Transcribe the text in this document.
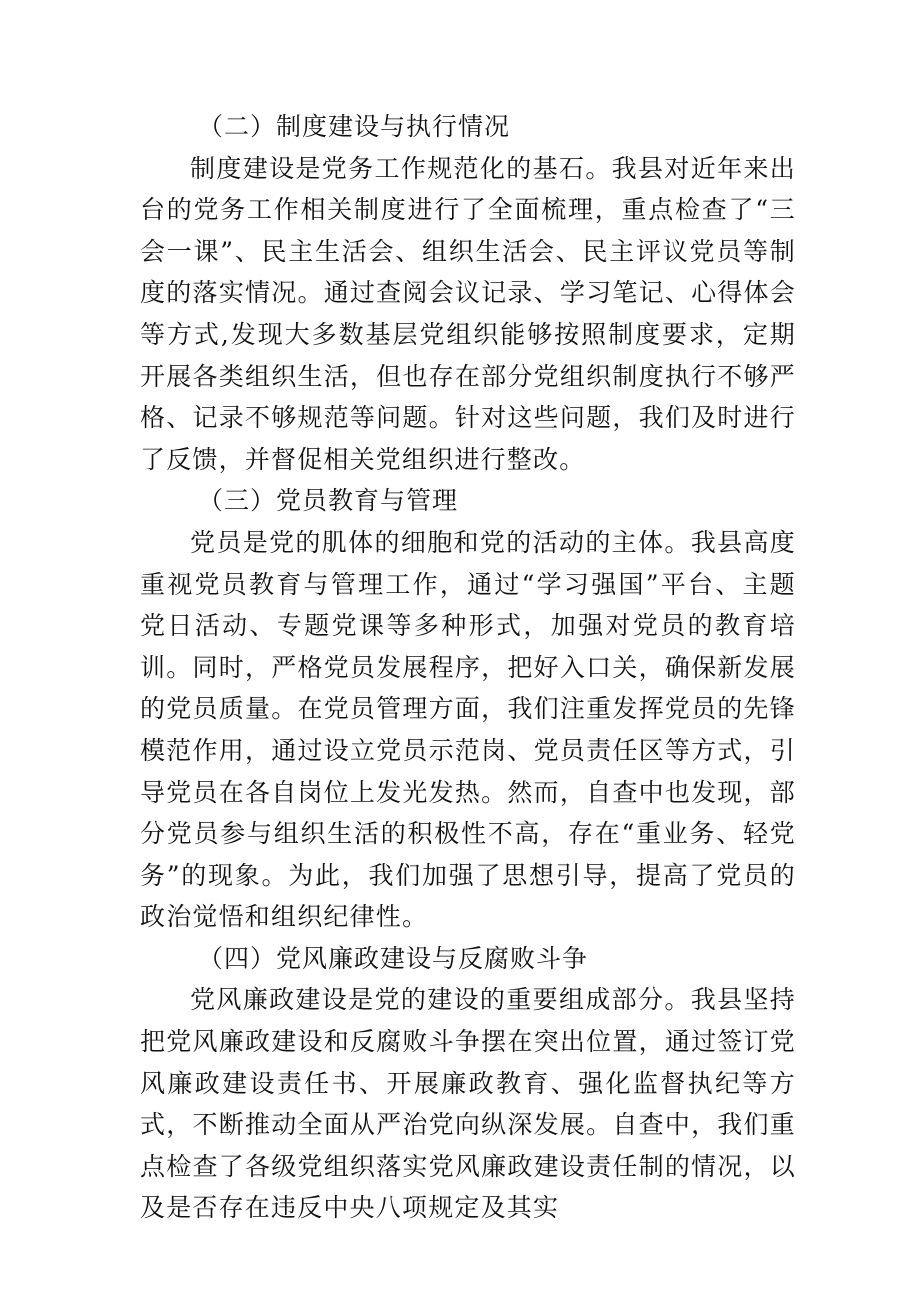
（二）制度建设与执行情况

制度建设是党务工作规范化的基石。我县对近年来出台的党务工作相关制度进行了全面梳理，重点检查了“三会一课”、民主生活会、组织生活会、民主评议党员等制度的落实情况。通过查阅会议记录、学习笔记、心得体会等方式,发现大多数基层党组织能够按照制度要求，定期开展各类组织生活，但也存在部分党组织制度执行不够严格、记录不够规范等问题。针对这些问题，我们及时进行了反馈，并督促相关党组织进行整改。

（三）党员教育与管理

党员是党的肌体的细胞和党的活动的主体。我县高度重视党员教育与管理工作，通过“学习强国”平台、主题党日活动、专题党课等多种形式，加强对党员的教育培训。同时，严格党员发展程序，把好入口关，确保新发展的党员质量。在党员管理方面，我们注重发挥党员的先锋模范作用，通过设立党员示范岗、党员责任区等方式，引导党员在各自岗位上发光发热。然而，自查中也发现，部分党员参与组织生活的积极性不高，存在“重业务、轻党务”的现象。为此，我们加强了思想引导，提高了党员的政治觉悟和组织纪律性。

（四）党风廉政建设与反腐败斗争

党风廉政建设是党的建设的重要组成部分。我县坚持把党风廉政建设和反腐败斗争摆在突出位置，通过签订党风廉政建设责任书、开展廉政教育、强化监督执纪等方式，不断推动全面从严治党向纵深发展。自查中，我们重点检查了各级党组织落实党风廉政建设责任制的情况，以及是否存在违反中央八项规定及其实
